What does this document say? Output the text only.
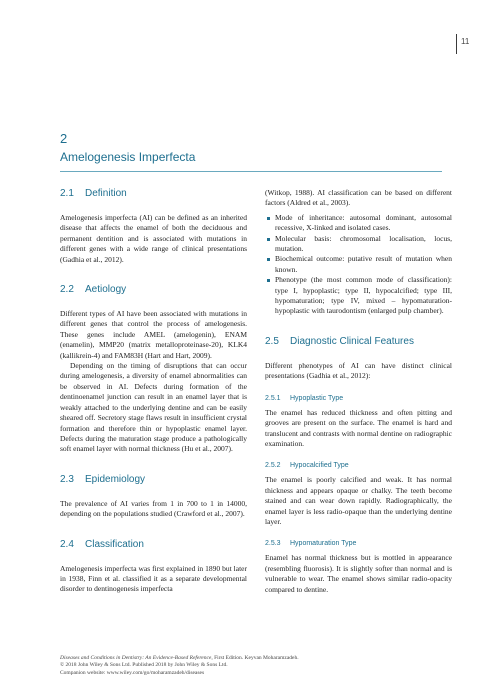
11
2
Amelogenesis Imperfecta
2.1 Definition

Amelogenesis imperfecta (AI) can be defined as an inherited disease that affects the enamel of both the deciduous and permanent dentition and is associated with mutations in different genes with a wide range of clinical presentations (Gadhia et al., 2012).

2.2 Aetiology

Different types of AI have been associated with mutations in different genes that control the process of amelogenesis. These genes include AMEL (amelogenin), ENAM (enamelin), MMP20 (matrix metalloproteinase-20), KLK4 (kallikrein-4) and FAM83H (Hart and Hart, 2009).

Depending on the timing of disruptions that can occur during amelogenesis, a diversity of enamel abnormalities can be observed in AI. Defects during formation of the dentinoenamel junction can result in an enamel layer that is weakly attached to the underlying dentine and can be easily sheared off. Secretory stage flaws result in insufficient crystal formation and therefore thin or hypoplastic enamel layer. Defects during the maturation stage produce a pathologically soft enamel layer with normal thickness (Hu et al., 2007).

2.3 Epidemiology

The prevalence of AI varies from 1 in 700 to 1 in 14000, depending on the populations studied (Crawford et al., 2007).

2.4 Classification

Amelogenesis imperfecta was first explained in 1890 but later in 1938, Finn et al. classified it as a separate developmental disorder to dentinogenesis imperfecta

(Witkop, 1988). AI classification can be based on different factors (Aldred et al., 2003).

Mode of inheritance: autosomal dominant, autosomal recessive, X-linked and isolated cases.
Molecular basis: chromosomal localisation, locus, mutation.
Biochemical outcome: putative result of mutation when known.
Phenotype (the most common mode of classification): type I, hypoplastic; type II, hypocalcified; type III, hypomaturation; type IV, mixed – hypomaturation-hypoplastic with taurodontism (enlarged pulp chamber).
2.5 Diagnostic Clinical Features

Different phenotypes of AI can have distinct clinical presentations (Gadhia et al., 2012):

2.5.1 Hypoplastic Type

The enamel has reduced thickness and often pitting and grooves are present on the surface. The enamel is hard and translucent and contrasts with normal dentine on radiographic examination.

2.5.2 Hypocalcified Type

The enamel is poorly calcified and weak. It has normal thickness and appears opaque or chalky. The teeth become stained and can wear down rapidly. Radiographically, the enamel layer is less radio-opaque than the underlying dentine layer.

2.5.3 Hypomaturation Type

Enamel has normal thickness but is mottled in appearance (resembling fluorosis). It is slightly softer than normal and is vulnerable to wear. The enamel shows similar radio-opacity compared to dentine.

Diseases and Conditions in Dentistry: An Evidence-Based Reference, First Edition. Keyvan Moharamzadeh.
© 2018 John Wiley & Sons Ltd. Published 2018 by John Wiley & Sons Ltd.
Companion website: www.wiley.com/go/moharamzadeh/diseases
